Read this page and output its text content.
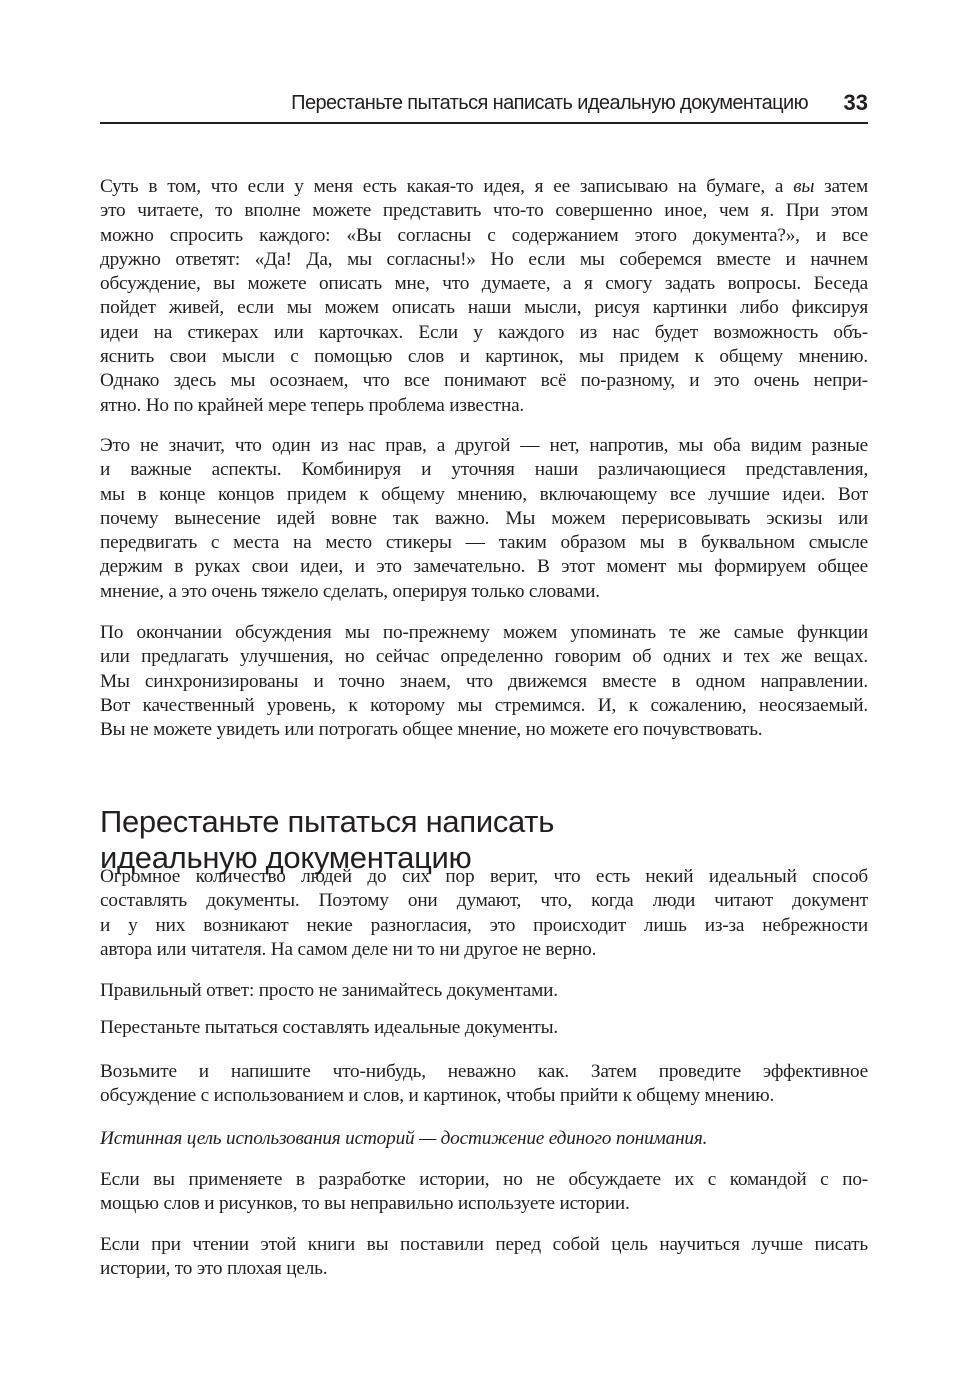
Перестаньте пытаться написать идеальную документацию 33
Суть в том, что если у меня есть какая-то идея, я ее записываю на бумаге, а вы затем
это читаете, то вполне можете представить что-то совершенно иное, чем я. При этом
можно спросить каждого: «Вы согласны с содержанием этого документа?», и все
дружно ответят: «Да! Да, мы согласны!» Но если мы соберемся вместе и начнем
обсуждение, вы можете описать мне, что думаете, а я смогу задать вопросы. Беседа
пойдет живей, если мы можем описать наши мысли, рисуя картинки либо фиксируя
идеи на стикерах или карточках. Если у каждого из нас будет возможность объ-
яснить свои мысли с помощью слов и картинок, мы придем к общему мнению.
Однако здесь мы осознаем, что все понимают всё по-разному, и это очень непри-
ятно. Но по крайней мере теперь проблема известна.
Это не значит, что один из нас прав, а другой — нет, напротив, мы оба видим разные
и важные аспекты. Комбинируя и уточняя наши различающиеся представления,
мы в конце концов придем к общему мнению, включающему все лучшие идеи. Вот
почему вынесение идей вовне так важно. Мы можем перерисовывать эскизы или
передвигать с места на место стикеры — таким образом мы в буквальном смысле
держим в руках свои идеи, и это замечательно. В этот момент мы формируем общее
мнение, а это очень тяжело сделать, оперируя только словами.
По окончании обсуждения мы по-прежнему можем упоминать те же самые функции
или предлагать улучшения, но сейчас определенно говорим об одних и тех же вещах.
Мы синхронизированы и точно знаем, что движемся вместе в одном направлении.
Вот качественный уровень, к которому мы стремимся. И, к сожалению, неосязаемый.
Вы не можете увидеть или потрогать общее мнение, но можете его почувствовать.
Огромное количество людей до сих пор верит, что есть некий идеальный способ
составлять документы. Поэтому они думают, что, когда люди читают документ
и у них возникают некие разногласия, это происходит лишь из-за небрежности
автора или читателя. На самом деле ни то ни другое не верно.
Правильный ответ: просто не занимайтесь документами.
Перестаньте пытаться составлять идеальные документы.
Возьмите и напишите что-нибудь, неважно как. Затем проведите эффективное
обсуждение с использованием и слов, и картинок, чтобы прийти к общему мнению.
Истинная цель использования историй — достижение единого понимания.
Если вы применяете в разработке истории, но не обсуждаете их с командой с по-
мощью слов и рисунков, то вы неправильно используете истории.
Если при чтении этой книги вы поставили перед собой цель научиться лучше писать
истории, то это плохая цель.
Перестаньте пытаться написать
идеальную документацию
